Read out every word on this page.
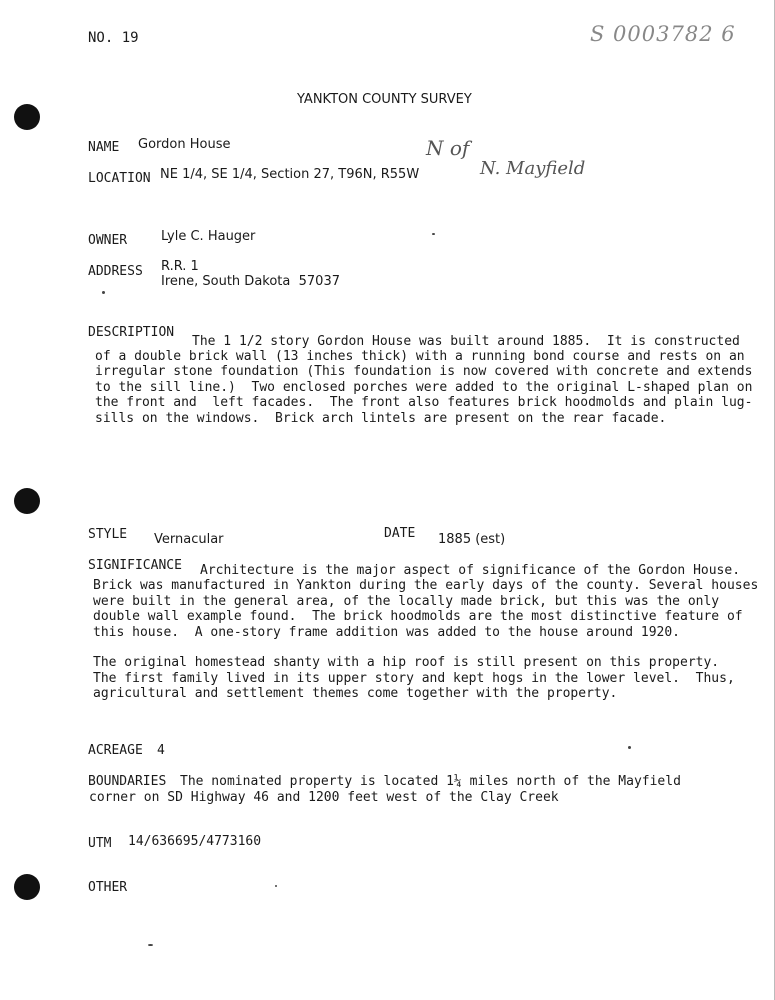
NO. 19	S 0003782 6
YANKTON COUNTY SURVEY
NAME Gordon House	N of
LOCATION NE 1/4, SE 1/4, Section 27, T96N, R55W	N. Mayfield
OWNER	Lyle C. Hauger
ADDRESS R.R. 1
Irene, South Dakota  57037
DESCRIPTION
The 1 1/2 story Gordon House was built around 1885.  It is constructed
of a double brick wall (13 inches thick) with a running bond course and rests on an
irregular stone foundation (This foundation is now covered with concrete and extends
to the sill line.)  Two enclosed porches were added to the original L-shaped plan on
the front and  left facades.  The front also features brick hoodmolds and plain lug-
sills on the windows.  Brick arch lintels are present on the rear facade.
STYLE Vernacular	DATE 1885 (est)
SIGNIFICANCE Architecture is the major aspect of significance of the Gordon House.
Brick was manufactured in Yankton during the early days of the county. Several houses
were built in the general area, of the locally made brick, but this was the only
double wall example found.  The brick hoodmolds are the most distinctive feature of
this house.  A one-story frame addition was added to the house around 1920.
The original homestead shanty with a hip roof is still present on this property.
The first family lived in its upper story and kept hogs in the lower level.  Thus,
agricultural and settlement themes come together with the property.
ACREAGE 4
BOUNDARIES The nominated property is located 1¼ miles north of the Mayfield
corner on SD Highway 46 and 1200 feet west of the Clay Creek
UTM 14/636695/4773160
OTHER
